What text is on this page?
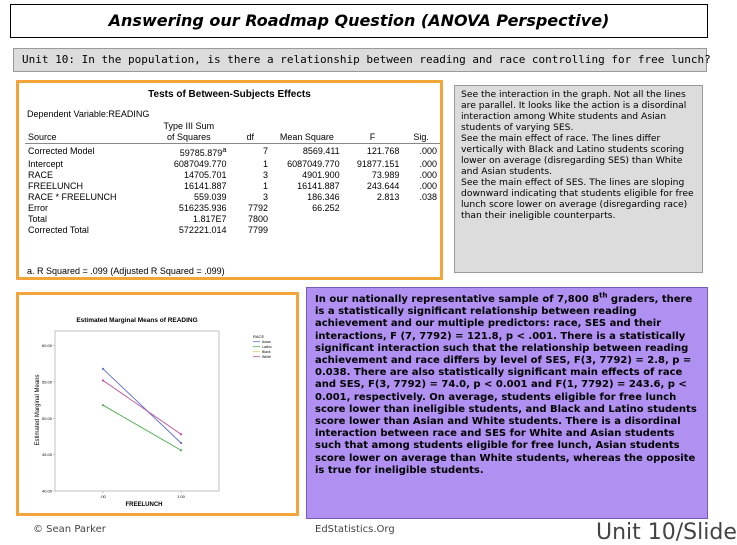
Answering our Roadmap Question (ANOVA Perspective)
Unit 10: In the population, is there a relationship between reading and race controlling for free lunch?
Tests of Between-Subjects Effects
Dependent Variable:READING
Source	Type III Sum
of Squares	df	Mean Square	F	Sig.
Corrected Model	59785.879$^a$	7	8569.411	121.768	.000
Intercept	6087049.770	1	6087049.770	91877.151	.000
RACE	14705.701	3	4901.900	73.989	.000
FREELUNCH	16141.887	1	16141.887	243.644	.000
RACE * FREELUNCH	559.039	3	186.346	2.813	.038
Error	516235.936	7792	66.252		
Total	1.817E7	7800			
Corrected Total	572221.014	7799			
a. R Squared = .099 (Adjusted R Squared = .099)

See the interaction in the graph. Not all the lines are parallel. It looks like the action is a disordinal interaction among White students and Asian students of varying SES.

See the main effect of race. The lines differ vertically with Black and Latino students scoring lower on average (disregarding SES) than White and Asian students.

See the main effect of SES. The lines are sloping downward indicating that students eligible for free lunch score lower on average (disregarding race) than their ineligible counterparts.

Estimated Marginal Means of READING
Estimated Marginal Means
FREELUNCH
40.00
45.00
50.00
55.00
60.00
.00	1.00
RACE
Asian
Latino
Black
White
In our nationally representative sample of 7,800 8th graders, there is a statistically significant relationship between reading achievement and our multiple predictors: race, SES and their interactions, F (7, 7792) = 121.8, p < .001. There is a statistically significant interaction such that the relationship between reading achievement and race differs by level of SES, F(3, 7792) = 2.8, p = 0.038. There are also statistically significant main effects of race and SES, F(3, 7792) = 74.0, p < 0.001 and F(1, 7792) = 243.6, p < 0.001, respectively. On average, students eligible for free lunch score lower than ineligible students, and Black and Latino students score lower than Asian and White students. There is a disordinal interaction between race and SES for White and Asian students such that among students eligible for free lunch, Asian students score lower on average than White students, whereas the opposite is true for ineligible students.
© Sean Parker	EdStatistics.Org	Unit 10/Slide
